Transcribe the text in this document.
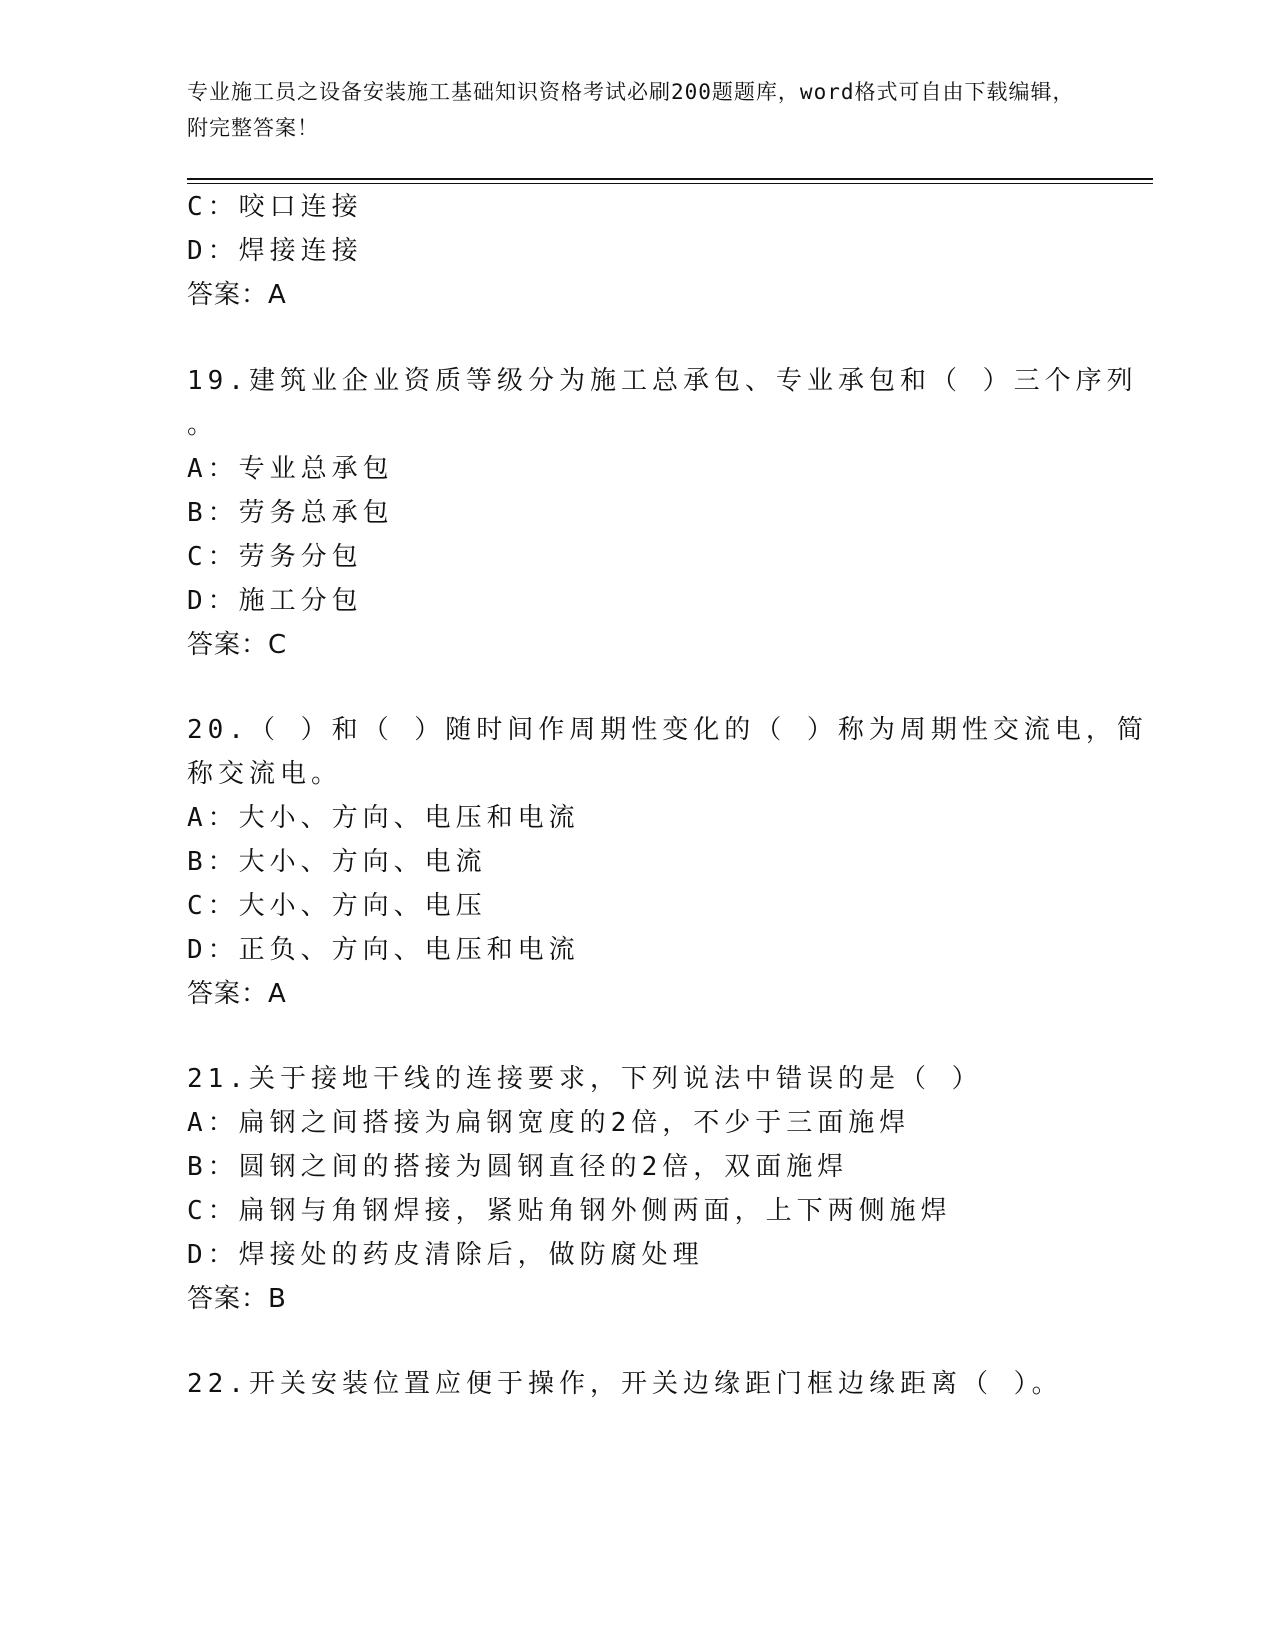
专业施工员之设备安装施工基础知识资格考试必刷200题题库，word格式可自由下载编辑，附完整答案！
C：咬口连接
D：焊接连接
答案：A
19.建筑业企业资质等级分为施工总承包、专业承包和（ ）三个序列
。
A：专业总承包
B：劳务总承包
C：劳务分包
D：施工分包
答案：C
20.（ ）和（ ）随时间作周期性变化的（ ）称为周期性交流电，简
称交流电。
A：大小、方向、电压和电流
B：大小、方向、电流
C：大小、方向、电压
D：正负、方向、电压和电流
答案：A
21.关于接地干线的连接要求，下列说法中错误的是（ ）
A：扁钢之间搭接为扁钢宽度的2倍，不少于三面施焊
B：圆钢之间的搭接为圆钢直径的2倍，双面施焊
C：扁钢与角钢焊接，紧贴角钢外侧两面，上下两侧施焊
D：焊接处的药皮清除后，做防腐处理
答案：B
22.开关安装位置应便于操作，开关边缘距门框边缘距离（ ）。
